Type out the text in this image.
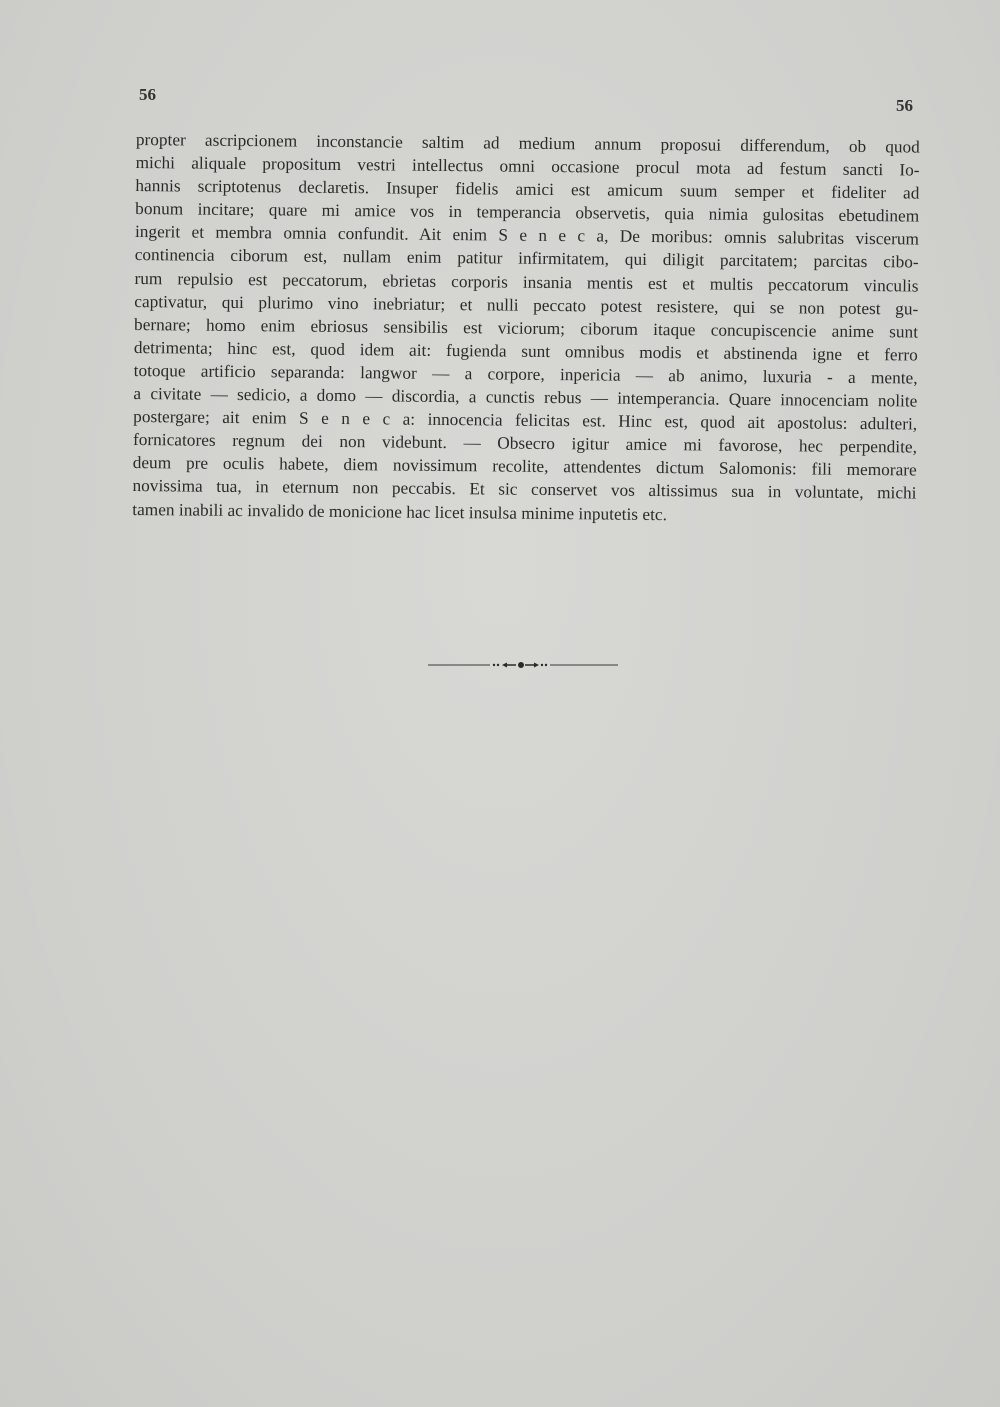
56
56
propter ascripcionem inconstancie saltim ad medium annum proposui differendum, ob quod
michi aliquale propositum vestri intellectus omni occasione procul mota ad festum sancti Io-
hannis scriptotenus declaretis. Insuper fidelis amici est amicum suum semper et fideliter ad
bonum incitare; quare mi amice vos in temperancia observetis, quia nimia gulositas ebetudinem
ingerit et membra omnia confundit. Ait enim S e n e c a, De moribus: omnis salubritas viscerum
continencia ciborum est, nullam enim patitur infirmitatem, qui diligit parcitatem; parcitas cibo-
rum repulsio est peccatorum, ebrietas corporis insania mentis est et multis peccatorum vinculis
captivatur, qui plurimo vino inebriatur; et nulli peccato potest resistere, qui se non potest gu-
bernare; homo enim ebriosus sensibilis est viciorum; ciborum itaque concupiscencie anime sunt
detrimenta; hinc est, quod idem ait: fugienda sunt omnibus modis et abstinenda igne et ferro
totoque artificio separanda: langwor — a corpore, inpericia — ab animo, luxuria - a mente,
a civitate — sedicio, a domo — discordia, a cunctis rebus — intemperancia. Quare innocenciam nolite
postergare; ait enim S e n e c a: innocencia felicitas est. Hinc est, quod ait apostolus: adulteri,
fornicatores regnum dei non videbunt. — Obsecro igitur amice mi favorose, hec perpendite,
deum pre oculis habete, diem novissimum recolite, attendentes dictum Salomonis: fili memorare
novissima tua, in eternum non peccabis. Et sic conservet vos altissimus sua in voluntate, michi
tamen inabili ac invalido de monicione hac licet insulsa minime inputetis etc.
